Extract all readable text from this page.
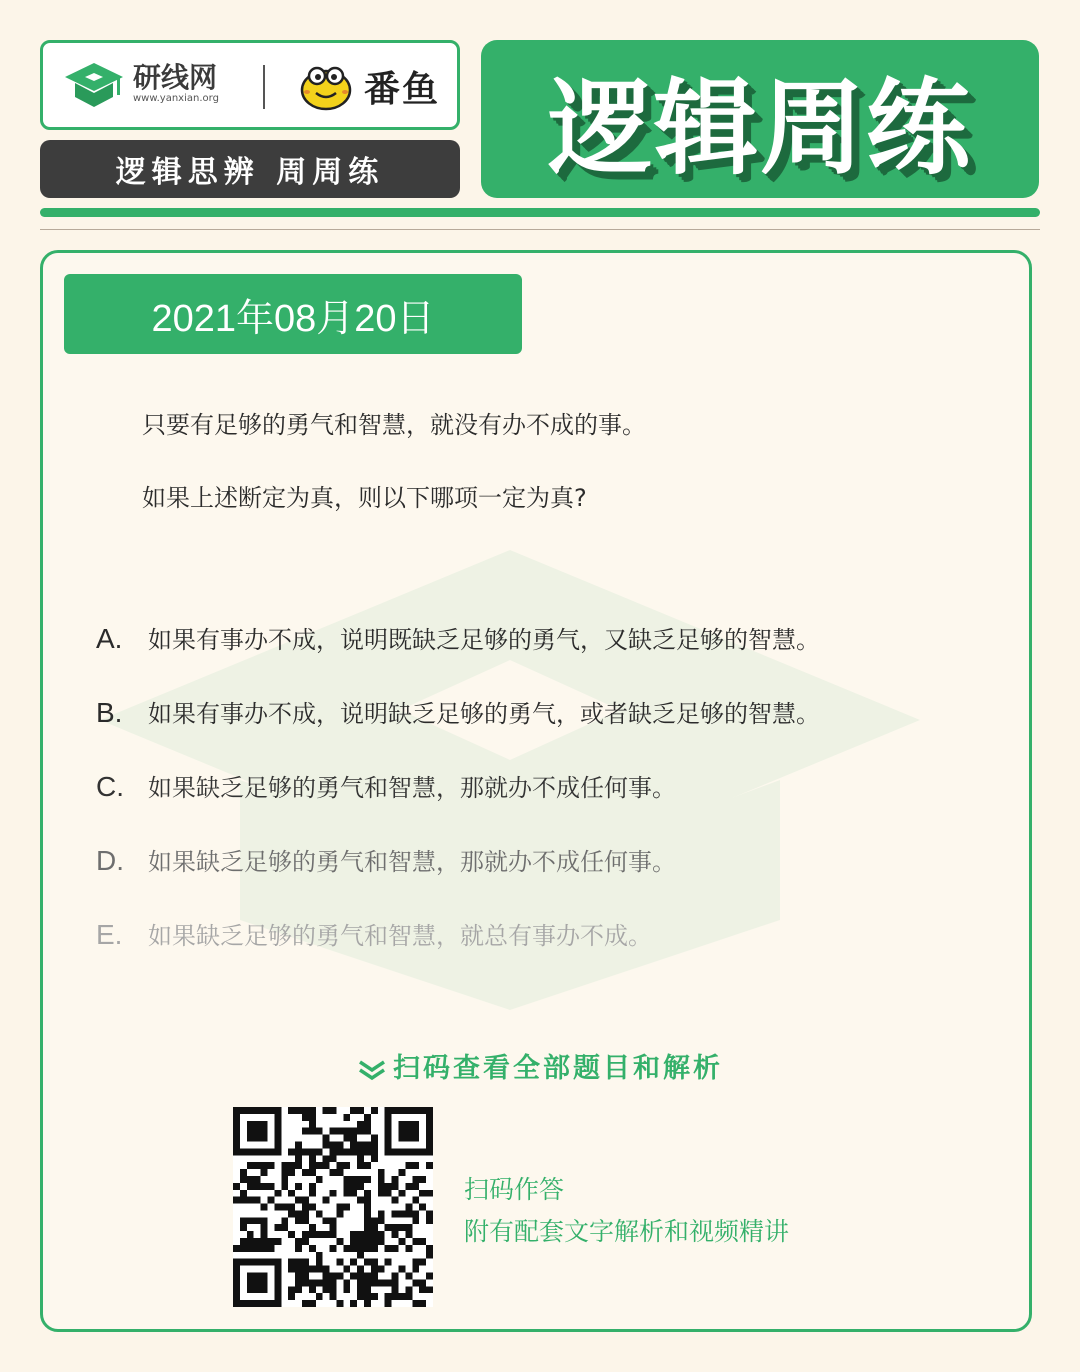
研线网
www.yanxian.org	番鱼
逻辑思辨 周周练	逻辑周练
2021年08月20日
只要有足够的勇气和智慧，就没有办不成的事。
如果上述断定为真，则以下哪项一定为真?
A.	如果有事办不成，说明既缺乏足够的勇气，又缺乏足够的智慧。
B.	如果有事办不成，说明缺乏足够的勇气，或者缺乏足够的智慧。
C.	如果缺乏足够的勇气和智慧，那就办不成任何事。
D.	如果缺乏足够的勇气和智慧，那就办不成任何事。
E.	如果缺乏足够的勇气和智慧，就总有事办不成。
扫码查看全部题目和解析
扫码作答
附有配套文字解析和视频精讲
